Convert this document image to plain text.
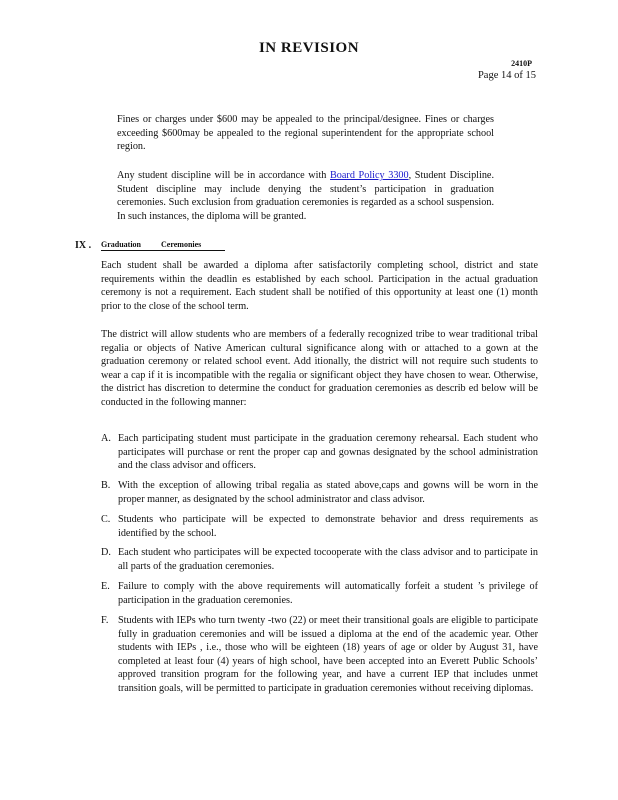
IN REVISION
2410P
Page 14 of 15

Fines or charges under $600 may be appealed to the principal/designee. Fines or charges exceeding $600may be appealed to the regional superintendent for the appropriate school region.

Any student discipline will be in accordance with Board Policy 3300, Student Discipline. Student discipline may include denying the student’s participation in graduation ceremonies. Such exclusion from graduation ceremonies is regarded as a school suspension. In such instances, the diploma will be granted.

IX . Graduation Ceremonies

Each student shall be awarded a diploma after satisfactorily completing school, district and state requirements within the deadlin es established by each school. Participation in the actual graduation ceremony is not a requirement. Each student shall be notified of this opportunity at least one (1) month prior to the close of the school term.

The district will allow students who are members of a federally recognized tribe to wear traditional tribal regalia or objects of Native American cultural significance along with or attached to a gown at the graduation ceremony or related school event. Add itionally, the district will not require such students to wear a cap if it is incompatible with the regalia or significant object they have chosen to wear. Otherwise, the district has discretion to determine the conduct for graduation ceremonies as describ ed below will be conducted in the following manner:

A. Each participating student must participate in the graduation ceremony rehearsal. Each student who participates will purchase or rent the proper cap and gownas designated by the school administration and the class advisor and officers.
B. With the exception of allowing tribal regalia as stated above,caps and gowns will be worn in the proper manner, as designated by the school administrator and class advisor.
C. Students who participate will be expected to demonstrate behavior and dress requirements as identified by the school.
D. Each student who participates will be expected tocooperate with the class advisor and to participate in all parts of the graduation ceremonies.
E. Failure to comply with the above requirements will automatically forfeit a student ’s privilege of participation in the graduation ceremonies.
F. Students with IEPs who turn twenty -two (22) or meet their transitional goals are eligible to participate fully in graduation ceremonies and will be issued a diploma at the end of the academic year. Other students with IEPs , i.e., those who will be eighteen (18) years of age or older by August 31, have completed at least four (4) years of high school, have been accepted into an Everett Public Schools’ approved transition program for the following year, and have a current IEP that includes unmet transition goals, will be permitted to participate in graduation ceremonies without receiving diplomas.
